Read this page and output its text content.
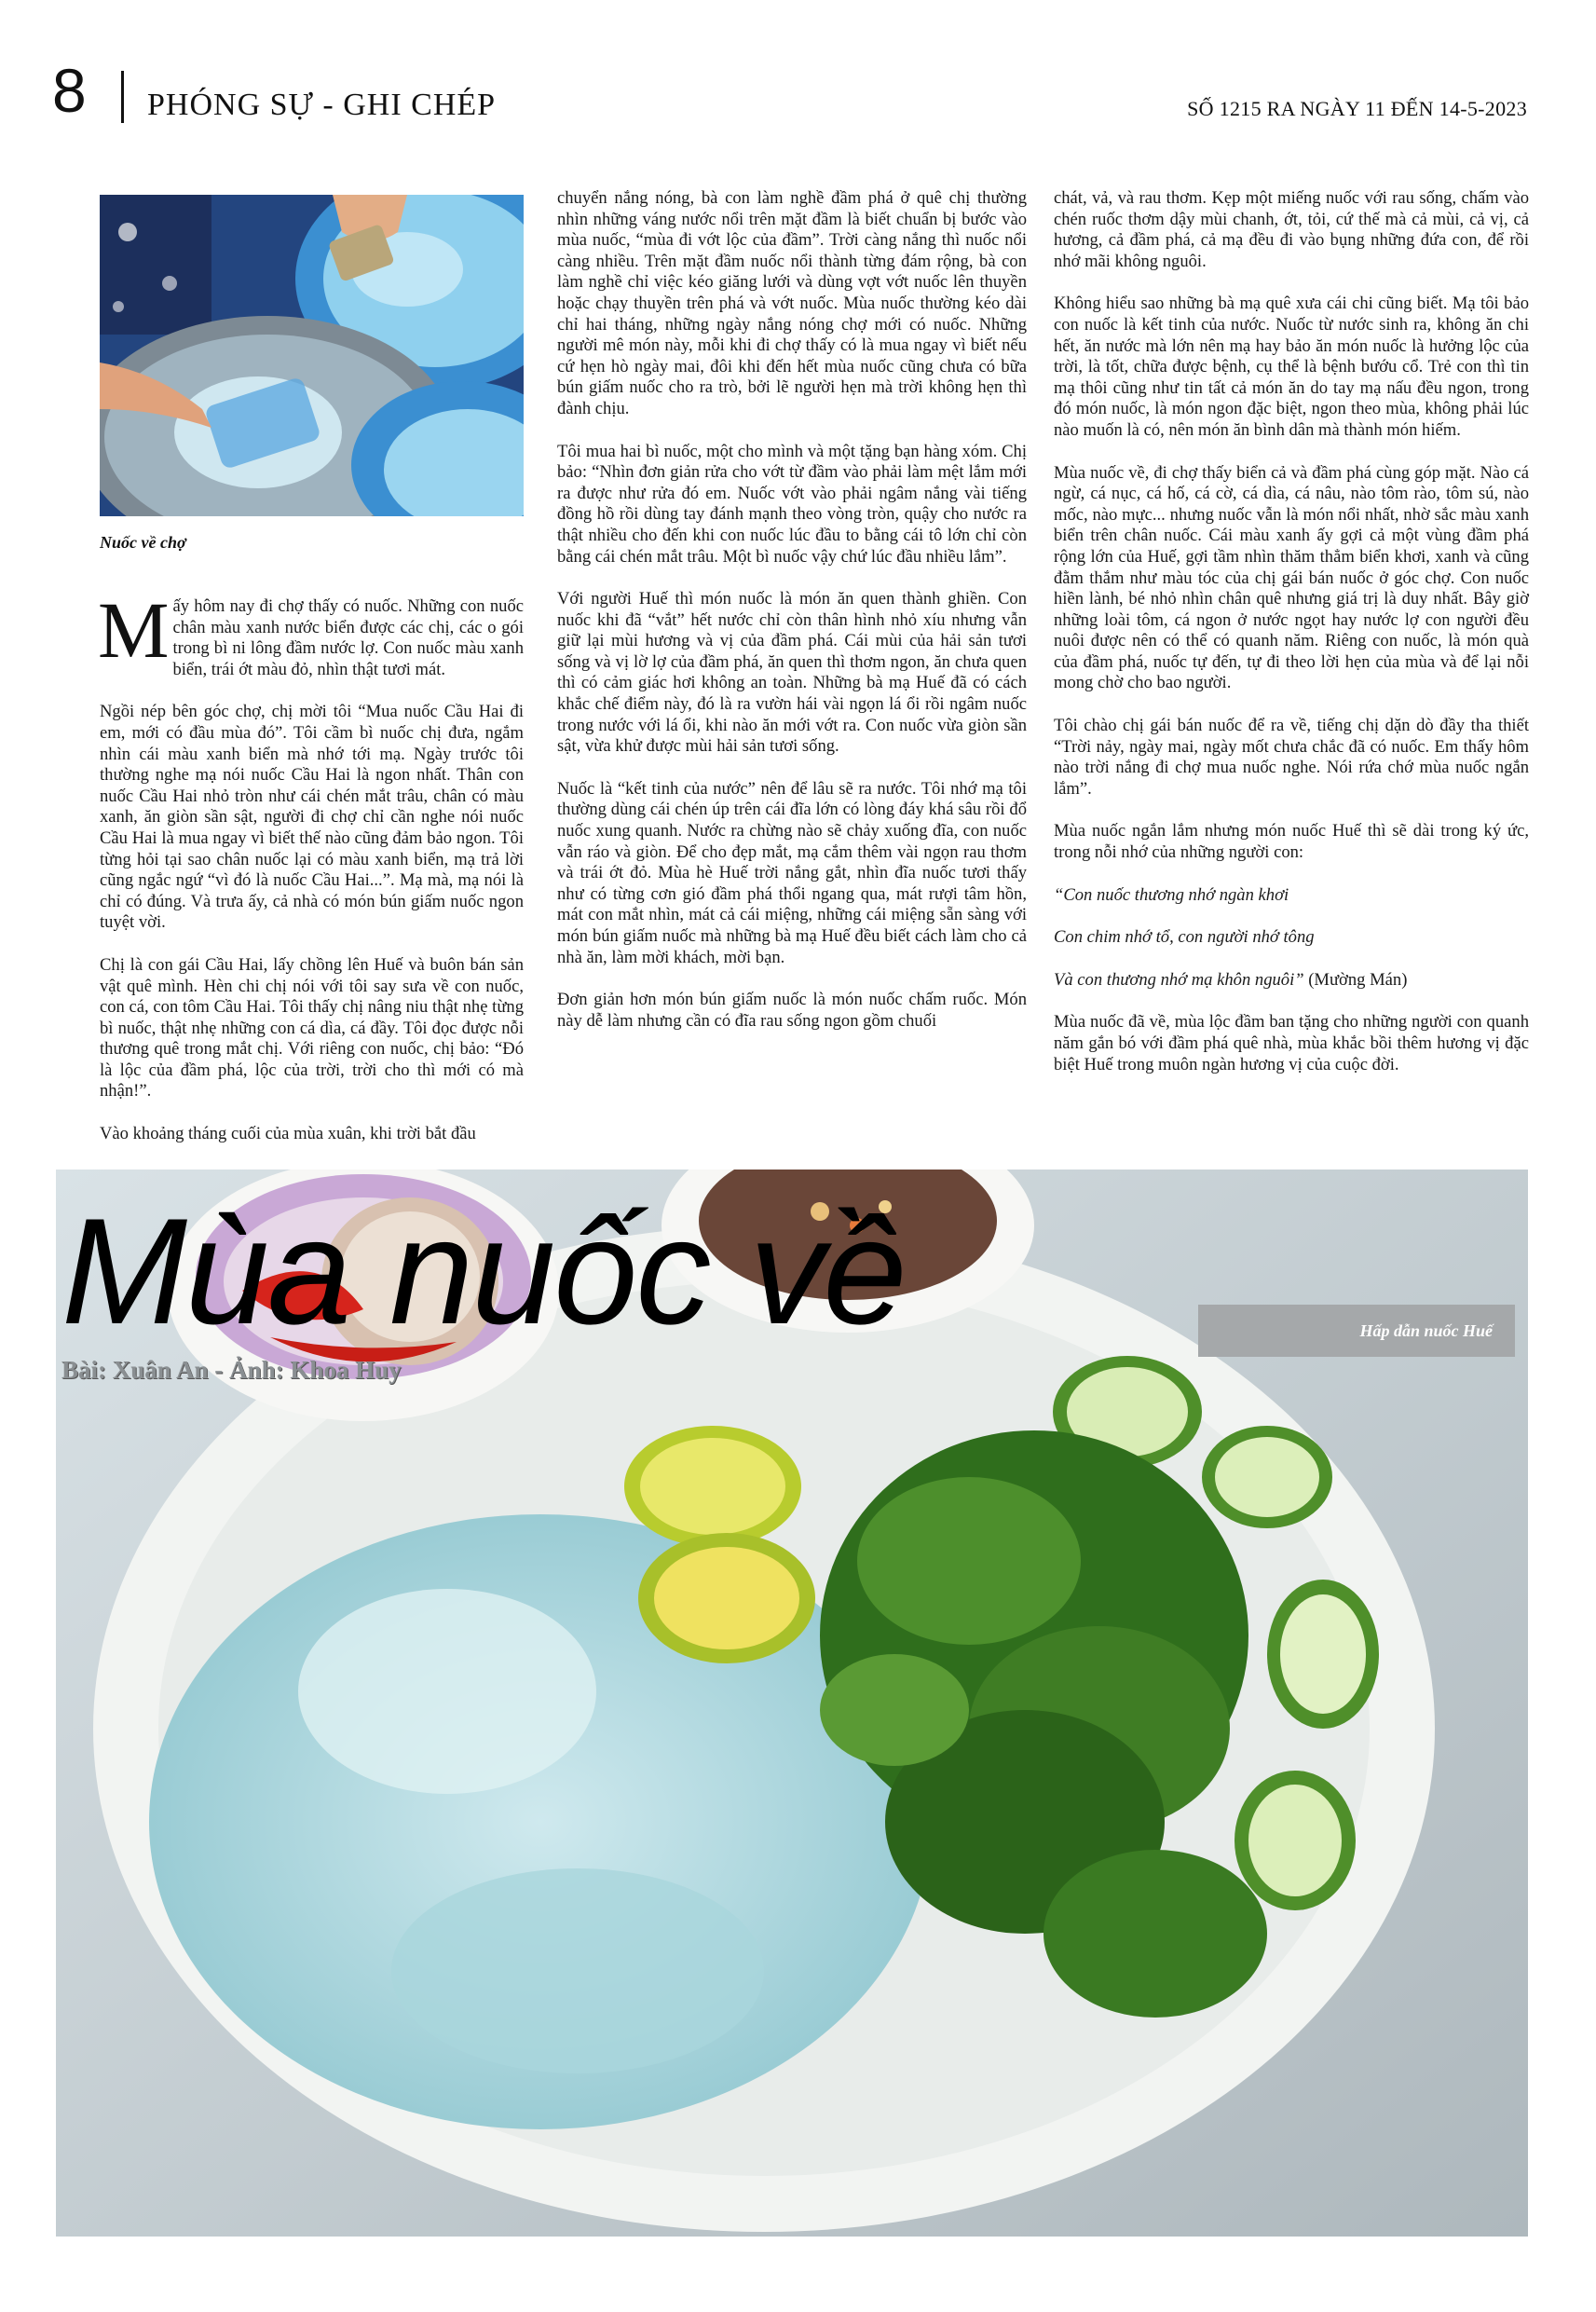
8 PHÓNG SỰ - GHI CHÉP	SỐ 1215 RA NGÀY 11 ĐẾN 14-5-2023
Nuốc về chợ

Mấy hôm nay đi chợ thấy có nuốc. Những con nuốc chân màu xanh nước biển được các chị, các o gói trong bì ni lông đầm nước lợ. Con nuốc màu xanh biển, trái ớt màu đỏ, nhìn thật tươi mát.

Ngồi nép bên góc chợ, chị mời tôi “Mua nuốc Cầu Hai đi em, mới có đầu mùa đó”. Tôi cầm bì nuốc chị đưa, ngắm nhìn cái màu xanh biển mà nhớ tới mạ. Ngày trước tôi thường nghe mạ nói nuốc Cầu Hai là ngon nhất. Thân con nuốc Cầu Hai nhỏ tròn như cái chén mắt trâu, chân có màu xanh, ăn giòn sần sật, người đi chợ chỉ cần nghe nói nuốc Cầu Hai là mua ngay vì biết thế nào cũng đảm bảo ngon. Tôi từng hỏi tại sao chân nuốc lại có màu xanh biển, mạ trả lời cũng ngắc ngứ “vì đó là nuốc Cầu Hai...”. Mạ mà, mạ nói là chỉ có đúng. Và trưa ấy, cả nhà có món bún giấm nuốc ngon tuyệt vời.

Chị là con gái Cầu Hai, lấy chồng lên Huế và buôn bán sản vật quê mình. Hèn chi chị nói với tôi say sưa về con nuốc, con cá, con tôm Cầu Hai. Tôi thấy chị nâng niu thật nhẹ từng bì nuốc, thật nhẹ những con cá dìa, cá đầy. Tôi đọc được nỗi thương quê trong mắt chị. Với riêng con nuốc, chị bảo: “Đó là lộc của đầm phá, lộc của trời, trời cho thì mới có mà nhận!”.

Vào khoảng tháng cuối của mùa xuân, khi trời bắt đầu

chuyển nắng nóng, bà con làm nghề đầm phá ở quê chị thường nhìn những váng nước nổi trên mặt đầm là biết chuẩn bị bước vào mùa nuốc, “mùa đi vớt lộc của đầm”. Trời càng nắng thì nuốc nổi càng nhiều. Trên mặt đầm nuốc nổi thành từng đám rộng, bà con làm nghề chỉ việc kéo giăng lưới và dùng vợt vớt nuốc lên thuyền hoặc chạy thuyền trên phá và vớt nuốc. Mùa nuốc thường kéo dài chỉ hai tháng, những ngày nắng nóng chợ mới có nuốc. Những người mê món này, mỗi khi đi chợ thấy có là mua ngay vì biết nếu cứ hẹn hò ngày mai, đôi khi đến hết mùa nuốc cũng chưa có bữa bún giấm nuốc cho ra trò, bởi lẽ người hẹn mà trời không hẹn thì đành chịu.

Tôi mua hai bì nuốc, một cho mình và một tặng bạn hàng xóm. Chị bảo: “Nhìn đơn giản rửa cho vớt từ đầm vào phải làm mệt lắm mới ra được như rửa đó em. Nuốc vớt vào phải ngâm nắng vài tiếng đồng hồ rồi dùng tay đánh mạnh theo vòng tròn, quậy cho nước ra thật nhiều cho đến khi con nuốc lúc đầu to bằng cái tô lớn chỉ còn bằng cái chén mắt trâu. Một bì nuốc vậy chứ lúc đầu nhiều lắm”.

Với người Huế thì món nuốc là món ăn quen thành ghiền. Con nuốc khi đã “vắt” hết nước chỉ còn thân hình nhỏ xíu nhưng vẫn giữ lại mùi hương và vị của đầm phá. Cái mùi của hải sản tươi sống và vị lờ lợ của đầm phá, ăn quen thì thơm ngon, ăn chưa quen thì có cảm giác hơi không an toàn. Những bà mạ Huế đã có cách khắc chế điểm này, đó là ra vườn hái vài ngọn lá ổi rồi ngâm nuốc trong nước với lá ổi, khi nào ăn mới vớt ra. Con nuốc vừa giòn sần sật, vừa khử được mùi hải sản tươi sống.

Nuốc là “kết tinh của nước” nên để lâu sẽ ra nước. Tôi nhớ mạ tôi thường dùng cái chén úp trên cái đĩa lớn có lòng đáy khá sâu rồi đổ nuốc xung quanh. Nước ra chừng nào sẽ chảy xuống đĩa, con nuốc vẫn ráo và giòn. Để cho đẹp mắt, mạ cắm thêm vài ngọn rau thơm và trái ớt đỏ. Mùa hè Huế trời nắng gắt, nhìn đĩa nuốc tươi thấy như có từng cơn gió đầm phá thổi ngang qua, mát rượi tâm hồn, mát con mắt nhìn, mát cả cái miệng, những cái miệng sẵn sàng với món bún giấm nuốc mà những bà mạ Huế đều biết cách làm cho cả nhà ăn, làm mời khách, mời bạn.

Đơn giản hơn món bún giấm nuốc là món nuốc chấm ruốc. Món này dễ làm nhưng cần có đĩa rau sống ngon gồm chuối

chát, vả, và rau thơm. Kẹp một miếng nuốc với rau sống, chấm vào chén ruốc thơm dậy mùi chanh, ớt, tỏi, cứ thế mà cả mùi, cả vị, cả hương, cả đầm phá, cả mạ đều đi vào bụng những đứa con, để rồi nhớ mãi không nguôi.

Không hiểu sao những bà mạ quê xưa cái chi cũng biết. Mạ tôi bảo con nuốc là kết tinh của nước. Nuốc từ nước sinh ra, không ăn chi hết, ăn nước mà lớn nên mạ hay bảo ăn món nuốc là hưởng lộc của trời, là tốt, chữa được bệnh, cụ thể là bệnh bướu cổ. Trẻ con thì tin mạ thôi cũng như tin tất cả món ăn do tay mạ nấu đều ngon, trong đó món nuốc, là món ngon đặc biệt, ngon theo mùa, không phải lúc nào muốn là có, nên món ăn bình dân mà thành món hiếm.

Mùa nuốc về, đi chợ thấy biển cả và đầm phá cùng góp mặt. Nào cá ngừ, cá nục, cá hố, cá cờ, cá dìa, cá nâu, nào tôm rào, tôm sú, nào mốc, nào mực... nhưng nuốc vẫn là món nổi nhất, nhờ sắc màu xanh biển trên chân nuốc. Cái màu xanh ấy gợi cả một vùng đầm phá rộng lớn của Huế, gợi tầm nhìn thăm thẳm biển khơi, xanh và cũng đằm thắm như màu tóc của chị gái bán nuốc ở góc chợ. Con nuốc hiền lành, bé nhỏ nhìn chân quê nhưng giá trị là duy nhất. Bây giờ những loài tôm, cá ngon ở nước ngọt hay nước lợ con người đều nuôi được nên có thể có quanh năm. Riêng con nuốc, là món quà của đầm phá, nuốc tự đến, tự đi theo lời hẹn của mùa và để lại nỗi mong chờ cho bao người.

Tôi chào chị gái bán nuốc để ra về, tiếng chị dặn dò đầy tha thiết “Trời nảy, ngày mai, ngày mốt chưa chắc đã có nuốc. Em thấy hôm nào trời nắng đi chợ mua nuốc nghe. Nói rứa chớ mùa nuốc ngắn lắm”.

Mùa nuốc ngắn lắm nhưng món nuốc Huế thì sẽ dài trong ký ức, trong nỗi nhớ của những người con:

“Con nuốc thương nhớ ngàn khơi

Con chim nhớ tổ, con người nhớ tông

Và con thương nhớ mạ khôn nguôi” (Mường Mán)

Mùa nuốc đã về, mùa lộc đầm ban tặng cho những người con quanh năm gắn bó với đầm phá quê nhà, mùa khắc bồi thêm hương vị đặc biệt Huế trong muôn ngàn hương vị của cuộc đời.

Hấp dẫn nuốc Huế
Mùa nuốc về
Bài: Xuân An - Ảnh: Khoa Huy
